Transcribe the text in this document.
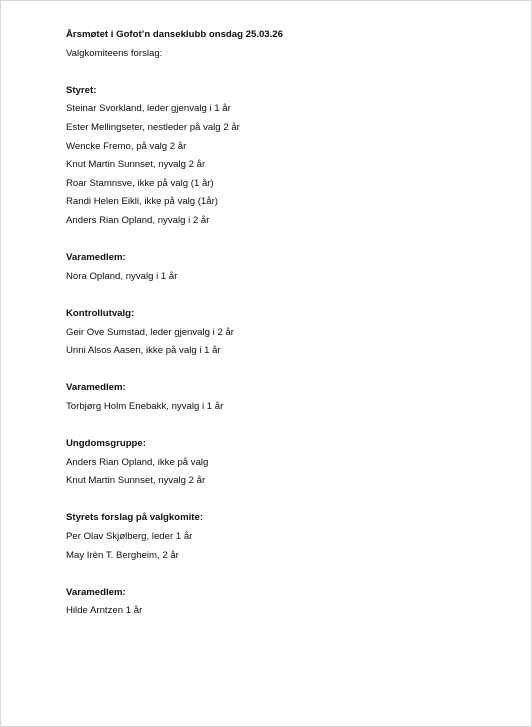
Årsmøtet i Gofot’n danseklubb onsdag 25.03.26
Valgkomiteens forslag:
Styret:
Steinar Svorkland, leder gjenvalg i 1 år
Ester Mellingseter, nestleder på valg 2 år
Wencke Fremo, på valg 2 år
Knut Martin Sunnset, nyvalg 2 år
Roar Stamnsve, ikke på valg (1 år)
Randi Helen Eikli, ikke på valg (1år)
Anders Rian Opland, nyvalg i 2 år
Varamedlem:
Nora Opland, nyvalg i 1 år
Kontrollutvalg:
Geir Ove Sumstad, leder gjenvalg i 2 år
Unni Alsos Aasen, ikke på valg i 1 år
Varamedlem:
Torbjørg Holm Enebakk, nyvalg i 1 år
Ungdomsgruppe:
Anders Rian Opland, ikke på valg
Knut Martin Sunnset, nyvalg 2 år
Styrets forslag på valgkomite:
Per Olav Skjølberg, leder 1 år
May Irèn T. Bergheim, 2 år
Varamedlem:
Hilde Arntzen 1 år
